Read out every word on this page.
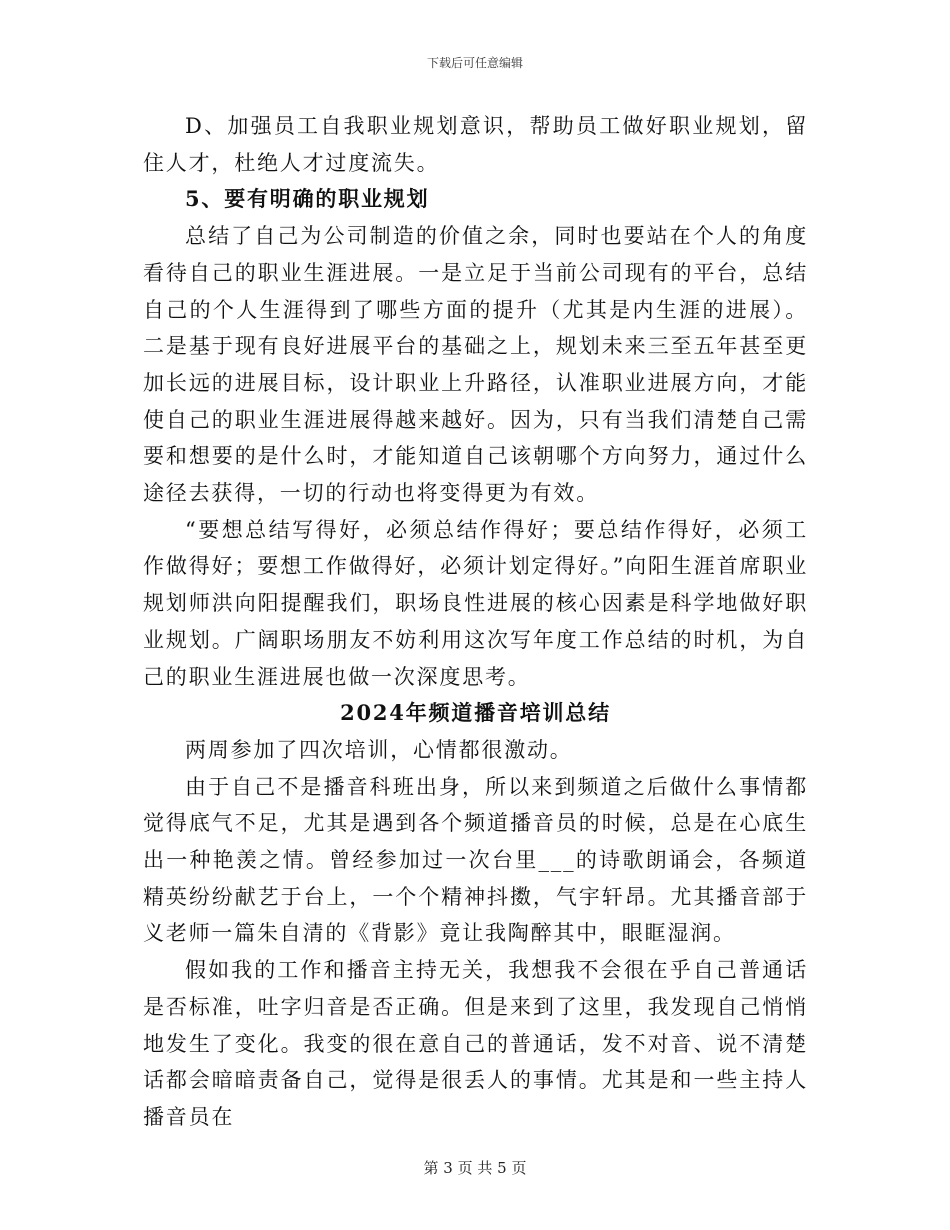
下载后可任意编辑

D、加强员工自我职业规划意识，帮助员工做好职业规划，留住人才，杜绝人才过度流失。

5、要有明确的职业规划

总结了自己为公司制造的价值之余，同时也要站在个人的角度看待自己的职业生涯进展。一是立足于当前公司现有的平台，总结自己的个人生涯得到了哪些方面的提升（尤其是内生涯的进展）。二是基于现有良好进展平台的基础之上，规划未来三至五年甚至更加长远的进展目标，设计职业上升路径，认准职业进展方向，才能使自己的职业生涯进展得越来越好。因为，只有当我们清楚自己需要和想要的是什么时，才能知道自己该朝哪个方向努力，通过什么途径去获得，一切的行动也将变得更为有效。

“要想总结写得好，必须总结作得好；要总结作得好，必须工作做得好；要想工作做得好，必须计划定得好。”向阳生涯首席职业规划师洪向阳提醒我们，职场良性进展的核心因素是科学地做好职业规划。广阔职场朋友不妨利用这次写年度工作总结的时机，为自己的职业生涯进展也做一次深度思考。

2024年频道播音培训总结

两周参加了四次培训，心情都很激动。

由于自己不是播音科班出身，所以来到频道之后做什么事情都觉得底气不足，尤其是遇到各个频道播音员的时候，总是在心底生出一种艳羡之情。曾经参加过一次台里___的诗歌朗诵会，各频道精英纷纷献艺于台上，一个个精神抖擞，气宇轩昂。尤其播音部于义老师一篇朱自清的《背影》竟让我陶醉其中，眼眶湿润。

假如我的工作和播音主持无关，我想我不会很在乎自己普通话是否标准，吐字归音是否正确。但是来到了这里，我发现自己悄悄地发生了变化。我变的很在意自己的普通话，发不对音、说不清楚话都会暗暗责备自己，觉得是很丢人的事情。尤其是和一些主持人播音员在

第 3 页 共 5 页
